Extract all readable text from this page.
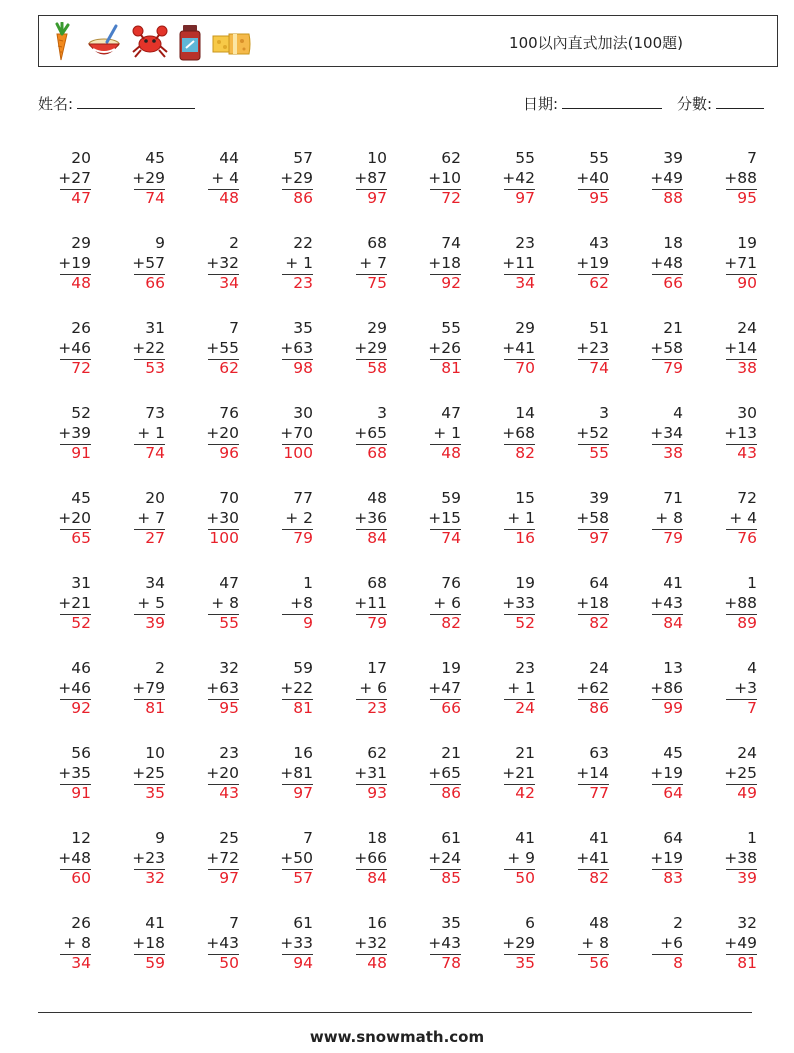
100以內直式加法(100題)
姓名:	日期:	分數:
20
+27
47
45
+29
74
44
+ 4
48
57
+29
86
10
+87
97
62
+10
72
55
+42
97
55
+40
95
39
+49
88
7
+88
95
29
+19
48
9
+57
66
2
+32
34
22
+ 1
23
68
+ 7
75
74
+18
92
23
+11
34
43
+19
62
18
+48
66
19
+71
90
26
+46
72
31
+22
53
7
+55
62
35
+63
98
29
+29
58
55
+26
81
29
+41
70
51
+23
74
21
+58
79
24
+14
38
52
+39
91
73
+ 1
74
76
+20
96
30
+70
100
3
+65
68
47
+ 1
48
14
+68
82
3
+52
55
4
+34
38
30
+13
43
45
+20
65
20
+ 7
27
70
+30
100
77
+ 2
79
48
+36
84
59
+15
74
15
+ 1
16
39
+58
97
71
+ 8
79
72
+ 4
76
31
+21
52
34
+ 5
39
47
+ 8
55
1
+8
9
68
+11
79
76
+ 6
82
19
+33
52
64
+18
82
41
+43
84
1
+88
89
46
+46
92
2
+79
81
32
+63
95
59
+22
81
17
+ 6
23
19
+47
66
23
+ 1
24
24
+62
86
13
+86
99
4
+3
7
56
+35
91
10
+25
35
23
+20
43
16
+81
97
62
+31
93
21
+65
86
21
+21
42
63
+14
77
45
+19
64
24
+25
49
12
+48
60
9
+23
32
25
+72
97
7
+50
57
18
+66
84
61
+24
85
41
+ 9
50
41
+41
82
64
+19
83
1
+38
39
26
+ 8
34
41
+18
59
7
+43
50
61
+33
94
16
+32
48
35
+43
78
6
+29
35
48
+ 8
56
2
+6
8
32
+49
81
www.snowmath.com
